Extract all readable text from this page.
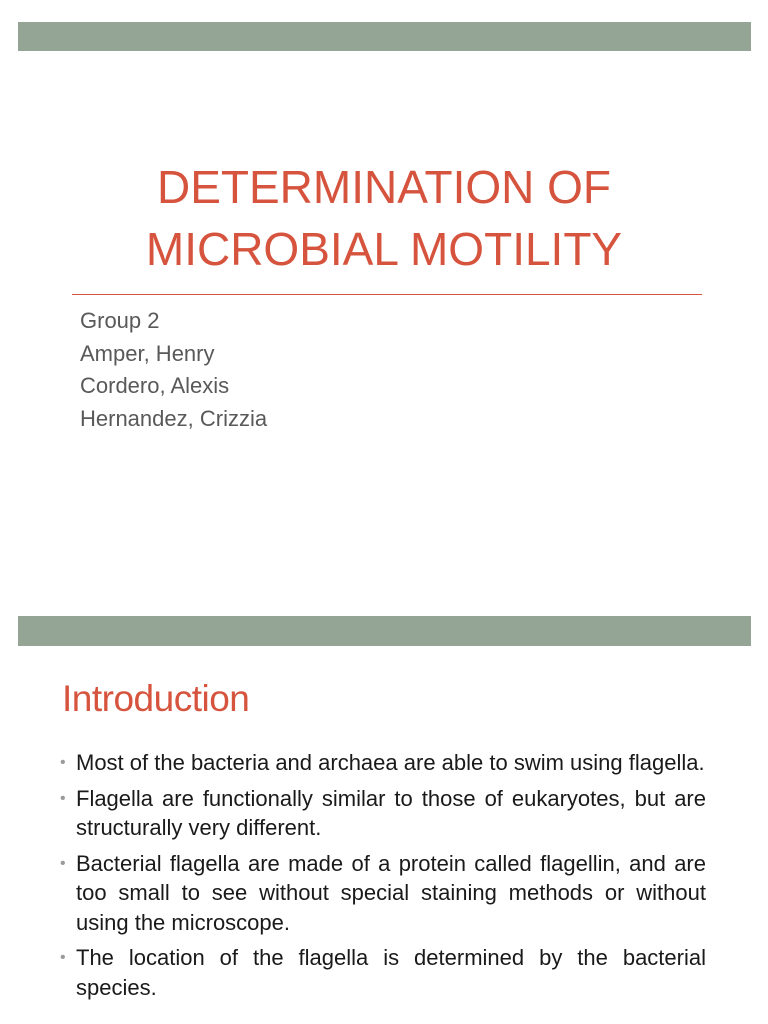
DETERMINATION OF
MICROBIAL MOTILITY
Group 2
Amper, Henry
Cordero, Alexis
Hernandez, Crizzia
Introduction
• Most of the bacteria and archaea are able to swim using flagella.
• Flagella are functionally similar to those of eukaryotes, but are structurally very different.
• Bacterial flagella are made of a protein called flagellin, and are too small to see without special staining methods or without using the microscope.
• The location of the flagella is determined by the bacterial species.
